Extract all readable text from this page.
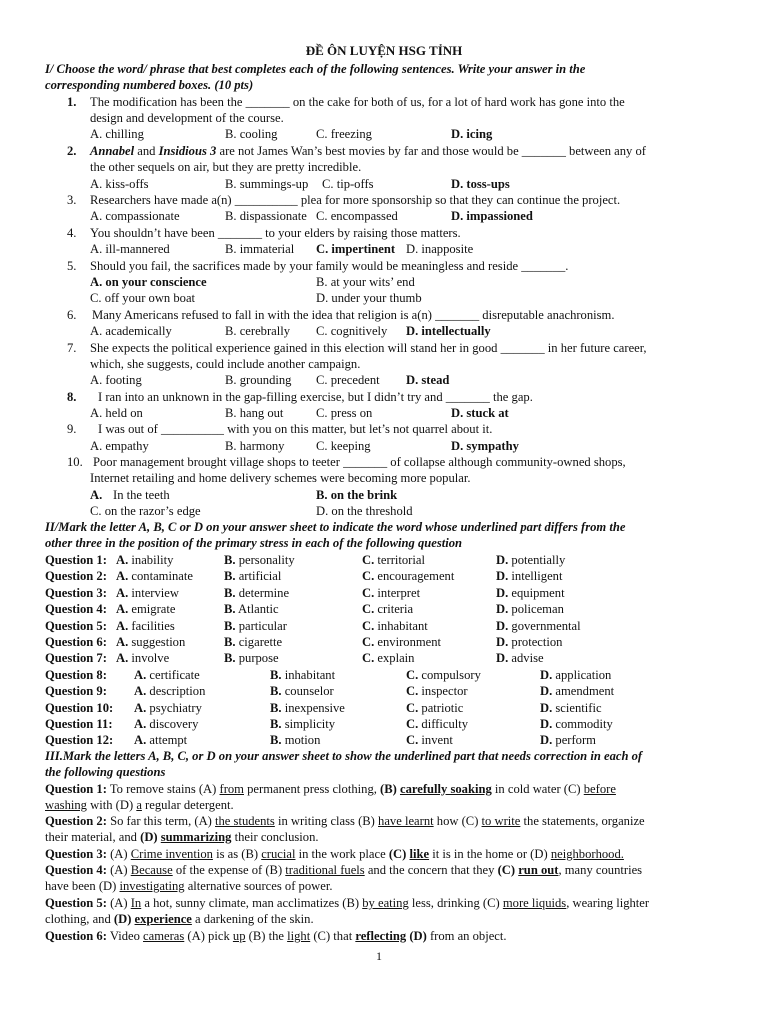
ĐỀ ÔN LUYỆN HSG TỈNH
I/ Choose the word/ phrase that best completes each of the following sentences. Write your answer in the
corresponding numbered boxes. (10 pts)
1. The modification has been the _______ on the cake for both of us, for a lot of hard work has gone into the
design and development of the course.
A. chilling	B. cooling	C. freezing	D. icing
2. Annabel and Insidious 3 are not James Wan’s best movies by far and those would be _______ between any of
the other sequels on air, but they are pretty incredible.
A. kiss-offs	B. summings-up C. tip-offs	D. toss-ups
3. Researchers have made a(n) __________ plea for more sponsorship so that they can continue the project.
A. compassionate	B. dispassionate C. encompassed	D. impassioned
4. You shouldn’t have been _______ to your elders by raising those matters.
A. ill-mannered	B. immaterial C. impertinent D. inapposite
5. Should you fail, the sacrifices made by your family would be meaningless and reside _______.
A. on your conscience	B. at your wits’ end
C. off your own boat	D. under your thumb
6. Many Americans refused to fall in with the idea that religion is a(n) _______ disreputable anachronism.
A. academically	B. cerebrally C. cognitively D. intellectually
7. She expects the political experience gained in this election will stand her in good _______ in her future career,
which, she suggests, could include another campaign.
A. footing	B. grounding C. precedent D. stead
8. I ran into an unknown in the gap-filling exercise, but I didn’t try and _______ the gap.
A. held on	B. hang out	C. press on	D. stuck at
9. I was out of __________ with you on this matter, but let’s not quarrel about it.
A. empathy	B. harmony	C. keeping	D. sympathy
10. Poor management brought village shops to teeter _______ of collapse although community-owned shops,
Internet retailing and home delivery schemes were becoming more popular.
A. In the teeth	B. on the brink
C. on the razor’s edge	D. on the threshold
II/Mark the letter A, B, C or D on your answer sheet to indicate the word whose underlined part differs from the
other three in the position of the primary stress in each of the following question
Question 1: A. inability	B. personality	C. territorial	D. potentially
Question 2: A. contaminate B. artificial	C. encouragement	D. intelligent
Question 3: A. interview	B. determine	C. interpret	D. equipment
Question 4: A. emigrate	B. Atlantic	C. criteria	D. policeman
Question 5: A. facilities	B. particular	C. inhabitant	D. governmental
Question 6: A. suggestion	B. cigarette	C. environment	D. protection
Question 7: A. involve	B. purpose	C. explain	D. advise
Question 8: A. certificate	B. inhabitant	C. compulsory	D. application
Question 9: A. description	B. counselor	C. inspector	D. amendment
Question 10: A. psychiatry	B. inexpensive	C. patriotic	D. scientific
Question 11: A. discovery	B. simplicity	C. difficulty	D. commodity
Question 12: A. attempt	B. motion	C. invent	D. perform
III.Mark the letters A, B, C, or D on your answer sheet to show the underlined part that needs correction in each of
the following questions
Question 1: To remove stains (A) from permanent press clothing, (B) carefully soaking in cold water (C) before
washing with (D) a regular detergent.
Question 2: So far this term, (A) the students in writing class (B) have learnt how (C) to write the statements, organize
their material, and (D) summarizing their conclusion.
Question 3: (A) Crime invention is as (B) crucial in the work place (C) like it is in the home or (D) neighborhood.
Question 4: (A) Because of the expense of (B) traditional fuels and the concern that they (C) run out, many countries
have been (D) investigating alternative sources of power.
Question 5: (A) In a hot, sunny climate, man acclimatizes (B) by eating less, drinking (C) more liquids, wearing lighter
clothing, and (D) experience a darkening of the skin.
Question 6: Video cameras (A) pick up (B) the light (C) that reflecting (D) from an object.
1
